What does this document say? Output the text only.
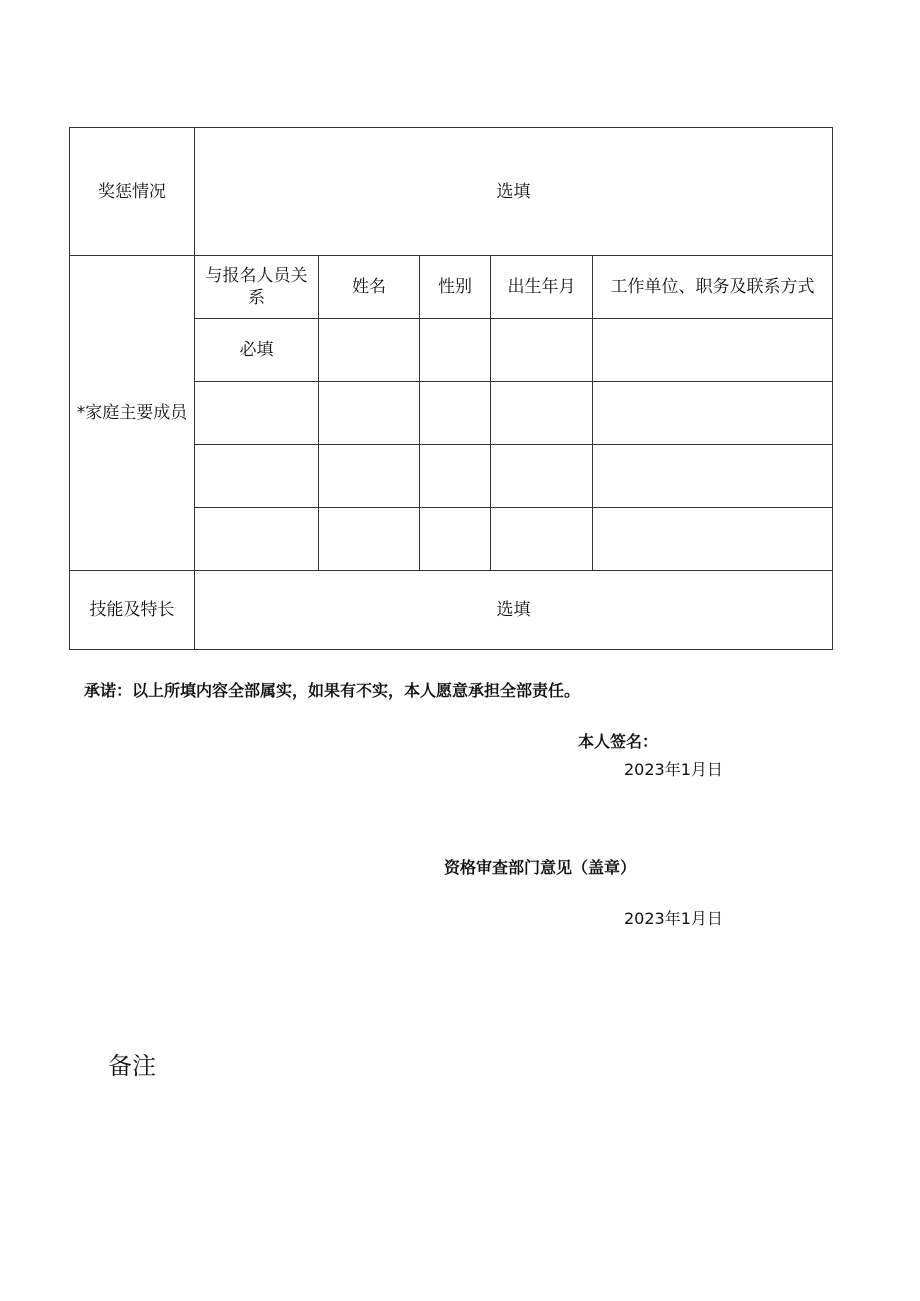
奖惩情况	选填				
*家庭主要成员	与报名人员关系	姓名	性别	出生年月	工作单位、职务及联系方式
	必填				

技能及特长	选填				
承诺：以上所填内容全部属实，如果有不实，本人愿意承担全部责任。
本人签名：
2023年1月日
资格审查部门意见（盖章）
2023年1月日
备注
